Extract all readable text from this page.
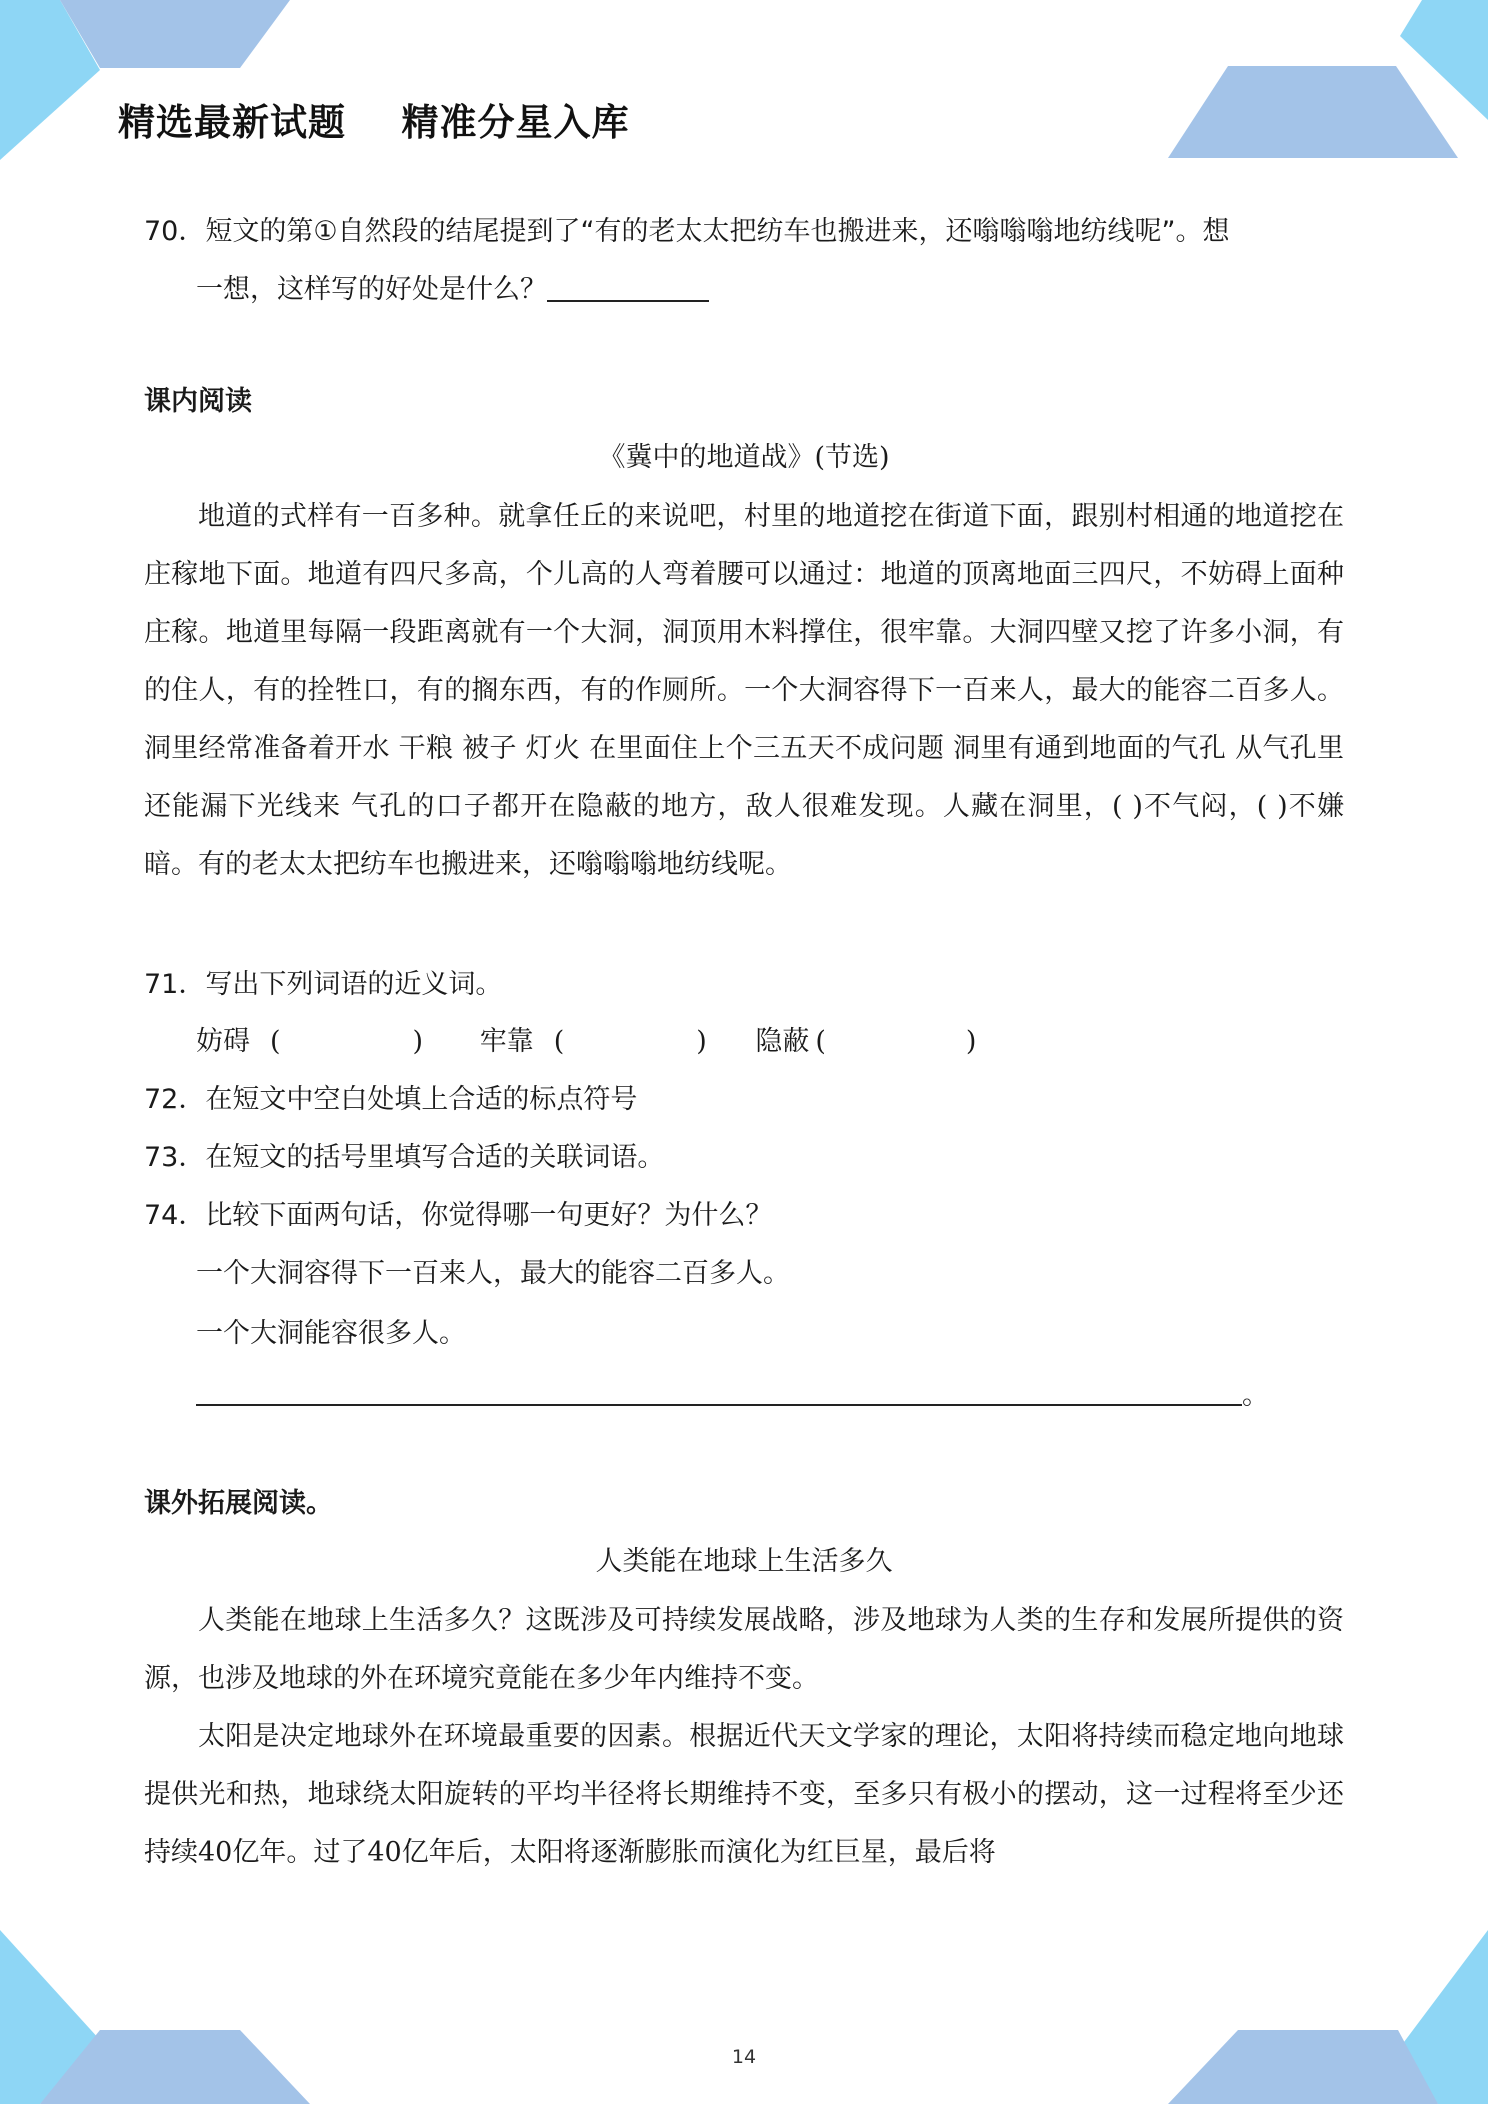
精选最新试题    精准分星入库
70．短文的第①自然段的结尾提到了“有的老太太把纺车也搬进来，还嗡嗡嗡地纺线呢”。想
一想，这样写的好处是什么？
课内阅读
《冀中的地道战》(节选)
地道的式样有一百多种。就拿任丘的来说吧，村里的地道挖在街道下面，跟别村相通的地道挖在庄稼地下面。地道有四尺多高，个儿高的人弯着腰可以通过：地道的顶离地面三四尺，不妨碍上面种庄稼。地道里每隔一段距离就有一个大洞，洞顶用木料撑住，很牢靠。大洞四壁又挖了许多小洞，有的住人，有的拴牲口，有的搁东西，有的作厕所。一个大洞容得下一百来人，最大的能容二百多人。洞里经常准备着开水 干粮 被子 灯火 在里面住上个三五天不成问题 洞里有通到地面的气孔 从气孔里还能漏下光线来 气孔的口子都开在隐蔽的地方，敌人很难发现。人藏在洞里，( )不气闷，( )不嫌暗。有的老太太把纺车也搬进来，还嗡嗡嗡地纺线呢。
71．写出下列词语的近义词。
妨碍 (	) 牢靠 (	) 隐蔽 (	)
72．在短文中空白处填上合适的标点符号
73．在短文的括号里填写合适的关联词语。
74．比较下面两句话，你觉得哪一句更好？为什么？
一个大洞容得下一百来人，最大的能容二百多人。
一个大洞能容很多人。
。
课外拓展阅读。
人类能在地球上生活多久
人类能在地球上生活多久？这既涉及可持续发展战略，涉及地球为人类的生存和发展所提供的资源，也涉及地球的外在环境究竟能在多少年内维持不变。
太阳是决定地球外在环境最重要的因素。根据近代天文学家的理论，太阳将持续而稳定地向地球提供光和热，地球绕太阳旋转的平均半径将长期维持不变，至多只有极小的摆动，这一过程将至少还持续40亿年。过了40亿年后，太阳将逐渐膨胀而演化为红巨星，最后将
14
